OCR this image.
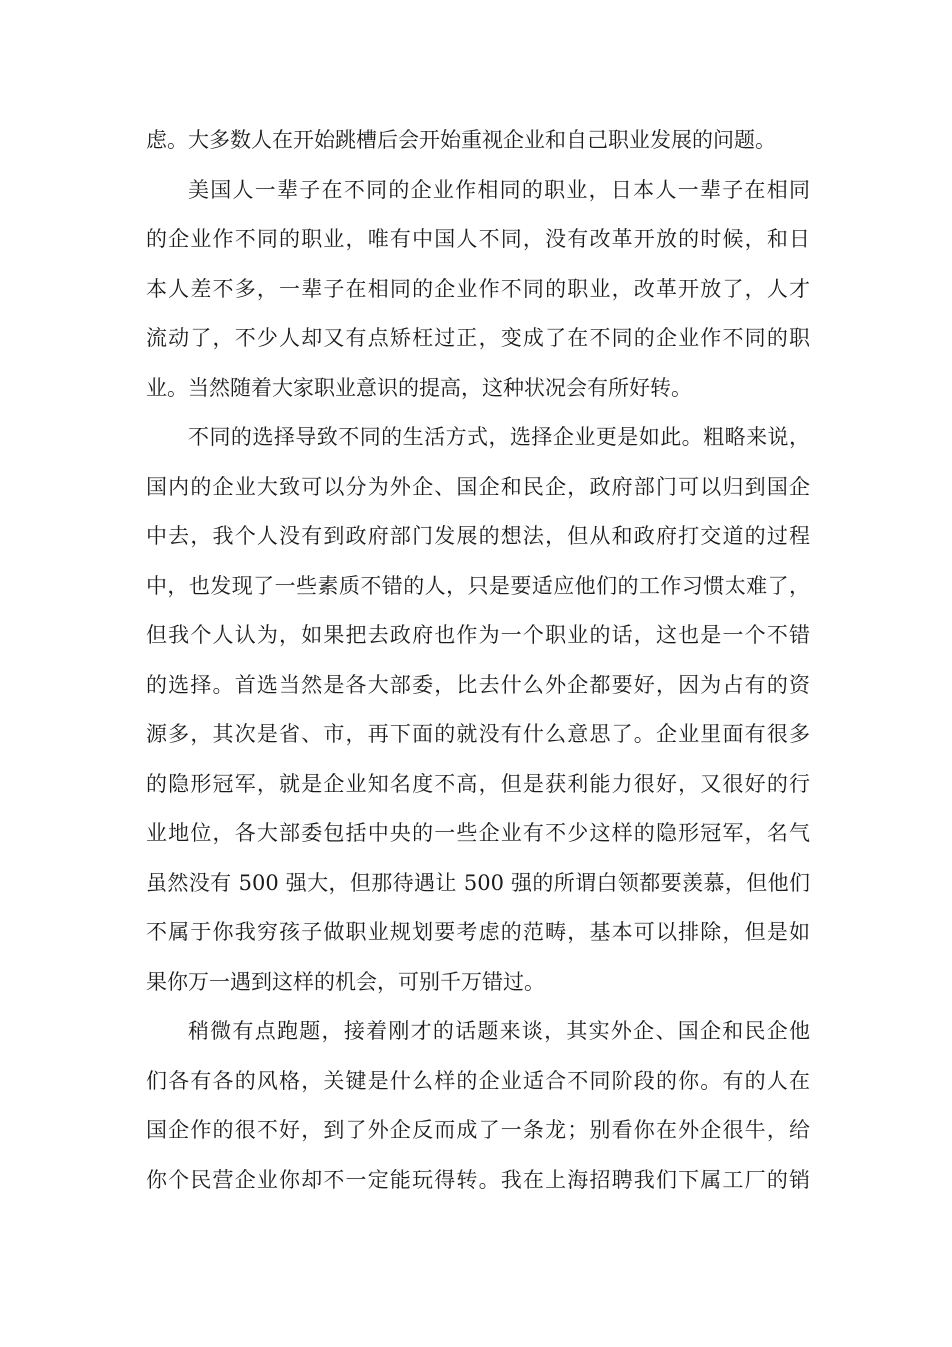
虑。大多数人在开始跳槽后会开始重视企业和自己职业发展的问题。
美国人一辈子在不同的企业作相同的职业，日本人一辈子在相同
的企业作不同的职业，唯有中国人不同，没有改革开放的时候，和日
本人差不多，一辈子在相同的企业作不同的职业，改革开放了，人才
流动了，不少人却又有点矫枉过正，变成了在不同的企业作不同的职
业。当然随着大家职业意识的提高，这种状况会有所好转。
不同的选择导致不同的生活方式，选择企业更是如此。粗略来说，
国内的企业大致可以分为外企、国企和民企，政府部门可以归到国企
中去，我个人没有到政府部门发展的想法，但从和政府打交道的过程
中，也发现了一些素质不错的人，只是要适应他们的工作习惯太难了，
但我个人认为，如果把去政府也作为一个职业的话，这也是一个不错
的选择。首选当然是各大部委，比去什么外企都要好，因为占有的资
源多，其次是省、市，再下面的就没有什么意思了。企业里面有很多
的隐形冠军，就是企业知名度不高，但是获利能力很好，又很好的行
业地位，各大部委包括中央的一些企业有不少这样的隐形冠军，名气
虽然没有 500 强大，但那待遇让 500 强的所谓白领都要羡慕，但他们
不属于你我穷孩子做职业规划要考虑的范畴，基本可以排除，但是如
果你万一遇到这样的机会，可别千万错过。
稍微有点跑题，接着刚才的话题来谈，其实外企、国企和民企他
们各有各的风格，关键是什么样的企业适合不同阶段的你。有的人在
国企作的很不好，到了外企反而成了一条龙；别看你在外企很牛，给
你个民营企业你却不一定能玩得转。我在上海招聘我们下属工厂的销
